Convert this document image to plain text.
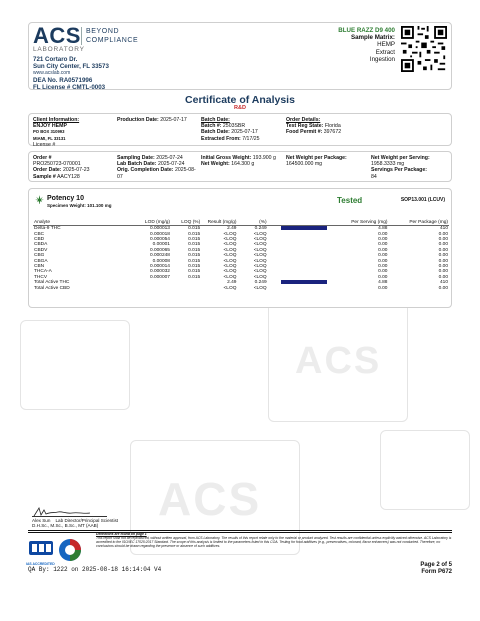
ACS
ACS
ACS
LABORATORY
BEYOND
COMPLIANCE
721 Cortaro Dr.
Sun City Center, FL 33573
www.acslab.com
DEA No. RA0571996
FL License # CMTL-0003
BLUE RAZZ D9 400
Sample Matrix:
HEMP
Extract
Ingestion
Certificate of Analysis
R&D
Client Information:
ENJOY HEMP
PO BOX 310993
MIAMI, FL 33131
License #
Production Date: 2025-07-17	Batch Date:
Batch #: 2503SBR
Batch Date: 2025-07-17
Extracted From: 7/17/25
Order Details:
Test Reg State: Florida
Food Permit #: 397672
Order #
PRO250723-070001
Order Date: 2025-07-23
Sample # AACY128
Sampling Date: 2025-07-24
Lab Batch Date: 2025-07-24
Orig. Completion Date: 2025-08-07
Initial Gross Weight: 193.900 g
Net Weight: 164.300 g
Net Weight per Package:
164500.000 mg
Net Weight per Serving:
1958.3333 mg
Servings Per Package:
84
Potency 10
Specimen Weight: 101.100 mg
Tested	SOP13.001 (LCUV)
Analyte	LOD (mg/g)	LOQ (%)	Result (mg/g)	(%)		Per Serving (mg)	Per Package (mg)
Delta-9 THC	0.000013	0.015	2.49	0.249		4.88	410
CBC	0.000018	0.015	<LOQ	<LOQ		0.00	0.00
CBD	0.000054	0.015	<LOQ	<LOQ		0.00	0.00
CBDA	0.00001	0.015	<LOQ	<LOQ		0.00	0.00
CBDV	0.000065	0.015	<LOQ	<LOQ		0.00	0.00
CBG	0.000248	0.015	<LOQ	<LOQ		0.00	0.00
CBGA	0.00008	0.015	<LOQ	<LOQ		0.00	0.00
CBN	0.000014	0.015	<LOQ	<LOQ		0.00	0.00
THCA-A	0.000032	0.015	<LOQ	<LOQ		0.00	0.00
THCV	0.000007	0.015	<LOQ	<LOQ		0.00	0.00
Total Active THC			2.49	0.249		4.88	410
Total Active CBD			<LOQ	<LOQ		0.00	0.00
Alex Sun Lab Director/Principal Scientist
D.H.Sc., M.Sc., B.Sc., MT (AAB)
Definitions are found on page 1
This report shall not be reproduced, without written approval, from ACS Laboratory. The results of this report relate only to the material or product analyzed. Test results are confidential unless explicitly waived otherwise. ACS Laboratory is accredited to the ISO/IEC 17025:2017 Standard. The scope of this analysis is limited to the parameters listed in this COA. Testing for food additives (e.g., preservatives, colorant, flavor enhancers) was not conducted. Therefore, no conclusions should be drawn regarding the presence or absence of such additives.
IAS ACCREDITED
QA By: 1222 on 2025-08-18 16:14:04 V4
Page 2 of 5
Form P672
